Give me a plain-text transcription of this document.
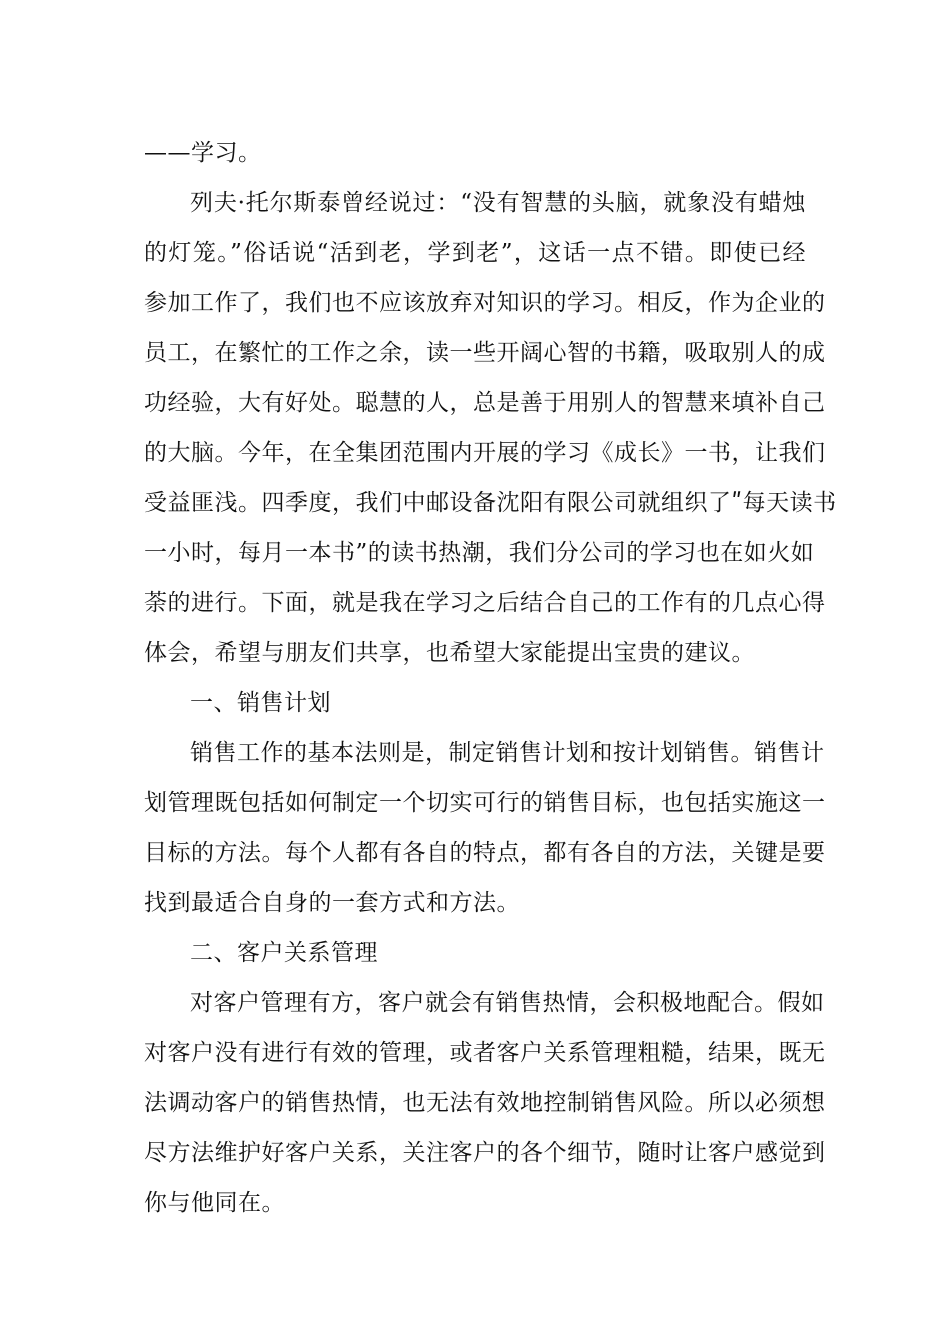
——学习。
列夫·托尔斯泰曾经说过：“没有智慧的头脑，就象没有蜡烛
的灯笼。”俗话说“活到老，学到老”，这话一点不错。即使已经
参加工作了，我们也不应该放弃对知识的学习。相反，作为企业的
员工，在繁忙的工作之余，读一些开阔心智的书籍，吸取别人的成
功经验，大有好处。聪慧的人，总是善于用别人的智慧来填补自己
的大脑。今年，在全集团范围内开展的学习《成长》一书，让我们
受益匪浅。四季度，我们中邮设备沈阳有限公司就组织了ʺ每天读书
一小时，每月一本书”的读书热潮，我们分公司的学习也在如火如
荼的进行。下面，就是我在学习之后结合自己的工作有的几点心得
体会，希望与朋友们共享，也希望大家能提出宝贵的建议。
一、销售计划
销售工作的基本法则是，制定销售计划和按计划销售。销售计
划管理既包括如何制定一个切实可行的销售目标，也包括实施这一
目标的方法。每个人都有各自的特点，都有各自的方法，关键是要
找到最适合自身的一套方式和方法。
二、客户关系管理
对客户管理有方，客户就会有销售热情，会积极地配合。假如
对客户没有进行有效的管理，或者客户关系管理粗糙，结果，既无
法调动客户的销售热情，也无法有效地控制销售风险。所以必须想
尽方法维护好客户关系，关注客户的各个细节，随时让客户感觉到
你与他同在。
